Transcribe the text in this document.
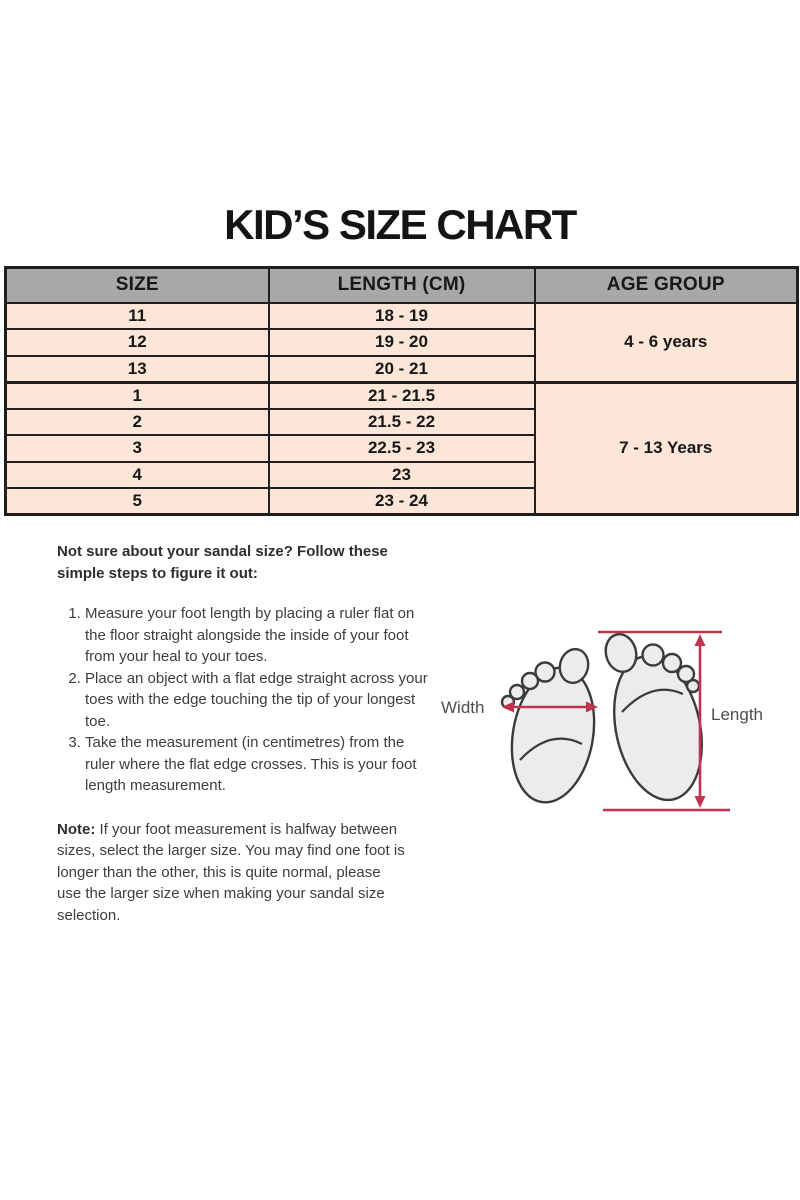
KID’S SIZE CHART
SIZE	LENGTH (CM)	AGE GROUP
11	18 - 19	4 - 6 years
12	19 - 20	
13	20 - 21	
1	21 - 21.5	7 - 13 Years
2	21.5 - 22	
3	22.5 - 23	
4	23	
5	23 - 24	

Not sure about your sandal size? Follow these simple steps to figure it out:

1. Measure your foot length by placing a ruler flat on the floor straight alongside the inside of your foot from your heal to your toes.
2. Place an object with a flat edge straight across your toes with the edge touching the tip of your longest toe.
3. Take the measurement (in centimetres) from the ruler where the flat edge crosses. This is your foot length measurement.

Note: If your foot measurement is halfway between sizes, select the larger size. You may find one foot is longer than the other, this is quite normal, please use the larger size when making your sandal size selection.

Width	Length
